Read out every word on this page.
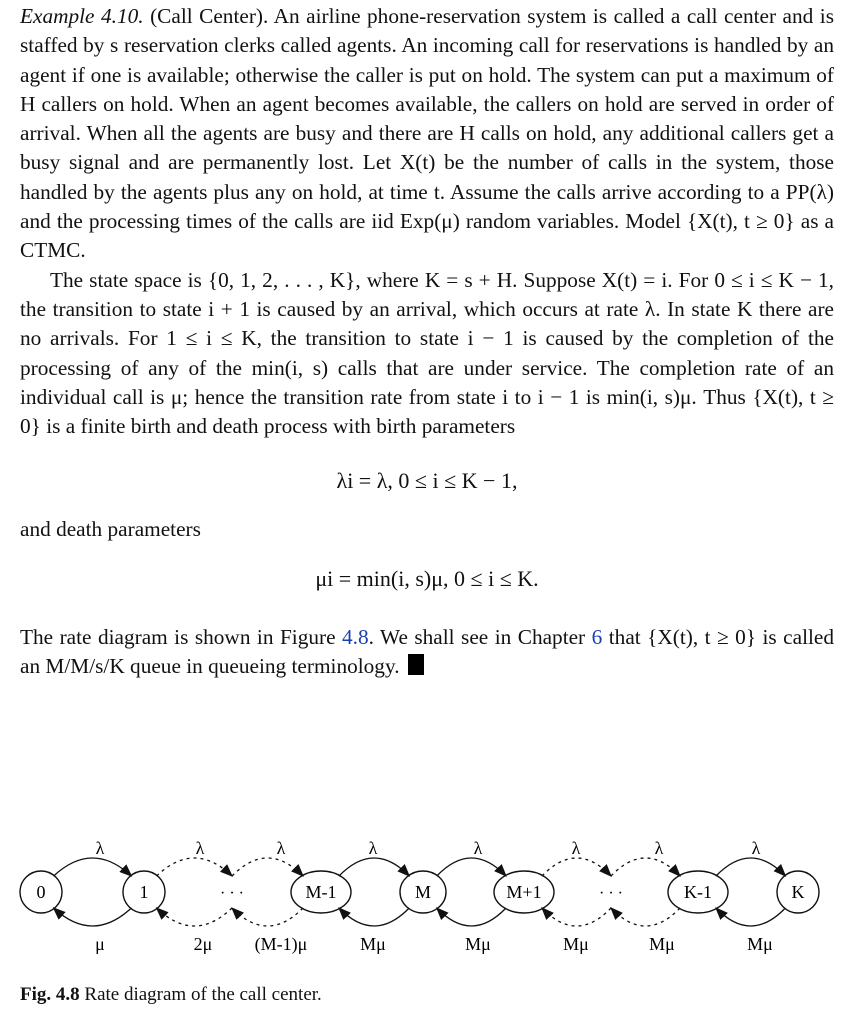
Example 4.10. (Call Center). An airline phone-reservation system is called a call center and is staffed by s reservation clerks called agents. An incoming call for reservations is handled by an agent if one is available; otherwise the caller is put on hold. The system can put a maximum of H callers on hold. When an agent becomes available, the callers on hold are served in order of arrival. When all the agents are busy and there are H calls on hold, any additional callers get a busy signal and are permanently lost. Let X(t) be the number of calls in the system, those handled by the agents plus any on hold, at time t. Assume the calls arrive according to a PP(λ) and the processing times of the calls are iid Exp(μ) random variables. Model {X(t), t ≥ 0} as a CTMC.

The state space is {0, 1, 2, . . . , K}, where K = s + H. Suppose X(t) = i. For 0 ≤ i ≤ K − 1, the transition to state i + 1 is caused by an arrival, which occurs at rate λ. In state K there are no arrivals. For 1 ≤ i ≤ K, the transition to state i − 1 is caused by the completion of the processing of any of the min(i, s) calls that are under service. The completion rate of an individual call is μ; hence the transition rate from state i to i − 1 is min(i, s)μ. Thus {X(t), t ≥ 0} is a finite birth and death process with birth parameters

λi = λ, 0 ≤ i ≤ K − 1,

and death parameters

μi = min(i, s)μ, 0 ≤ i ≤ K.

The rate diagram is shown in Figure 4.8. We shall see in Chapter 6 that {X(t), t ≥ 0} is called an M/M/s/K queue in queueing terminology.

0	1	M-1	M	M+1	K-1	K
λ
μ
λ
2μ
λ
(M-1)μ
λ
Mμ
λ
Mμ
λ
Mμ
λ
Mμ
λ
Mμ
· · ·	· · ·
Fig. 4.8 Rate diagram of the call center.
